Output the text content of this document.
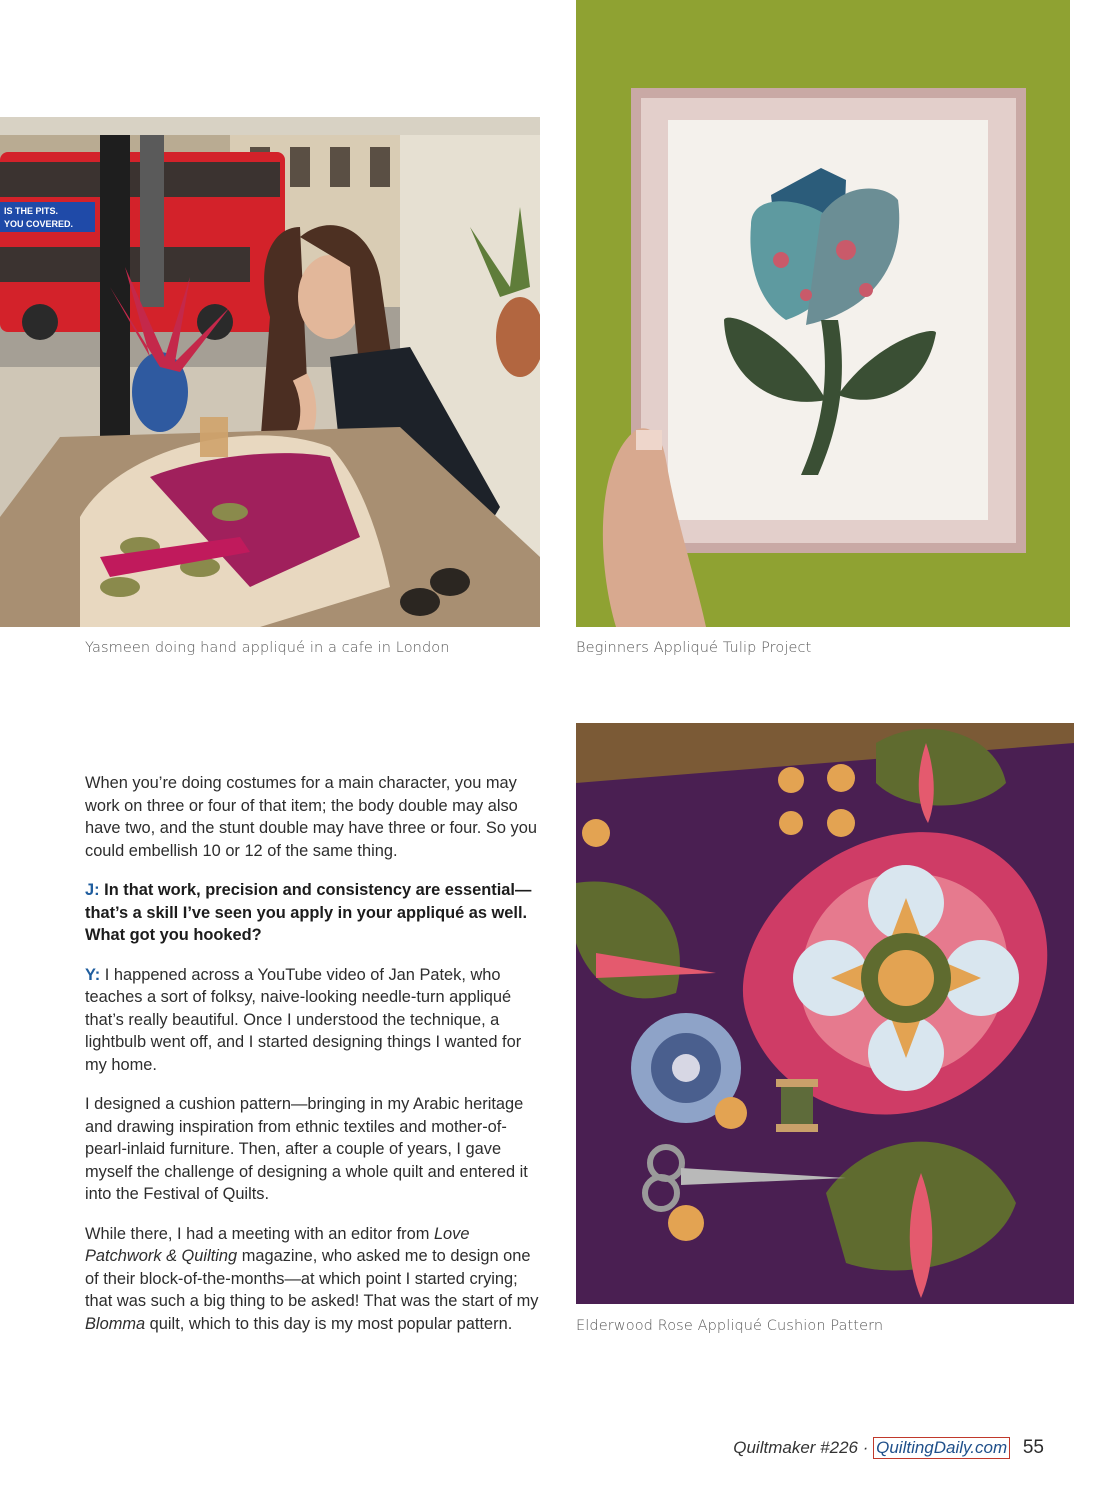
IS THE PITS.
YOU COVERED.
Yasmeen doing hand appliqué in a cafe in London	Beginners Appliqué Tulip Project

When you’re doing costumes for a main character, you may work on three or four of that item; the body double may also have two, and the stunt double may have three or four. So you could embellish 10 or 12 of the same thing.

J: In that work, precision and consistency are essential—that’s a skill I’ve seen you apply in your appliqué as well. What got you hooked?

Y: I happened across a YouTube video of Jan Patek, who teaches a sort of folksy, naive-looking needle-turn appliqué that’s really beautiful. Once I understood the technique, a lightbulb went off, and I started designing things I wanted for my home.

I designed a cushion pattern—bringing in my Arabic heritage and drawing inspiration from ethnic textiles and mother-of-pearl-inlaid furniture. Then, after a couple of years, I gave myself the challenge of designing a whole quilt and entered it into the Festival of Quilts.

While there, I had a meeting with an editor from Love Patchwork & Quilting magazine, who asked me to design one of their block-of-the-months—at which point I started crying; that was such a big thing to be asked! That was the start of my Blomma quilt, which to this day is my most popular pattern.	Elderwood Rose Appliqué Cushion Pattern
Quiltmaker #226 · QuiltingDaily.com 55
